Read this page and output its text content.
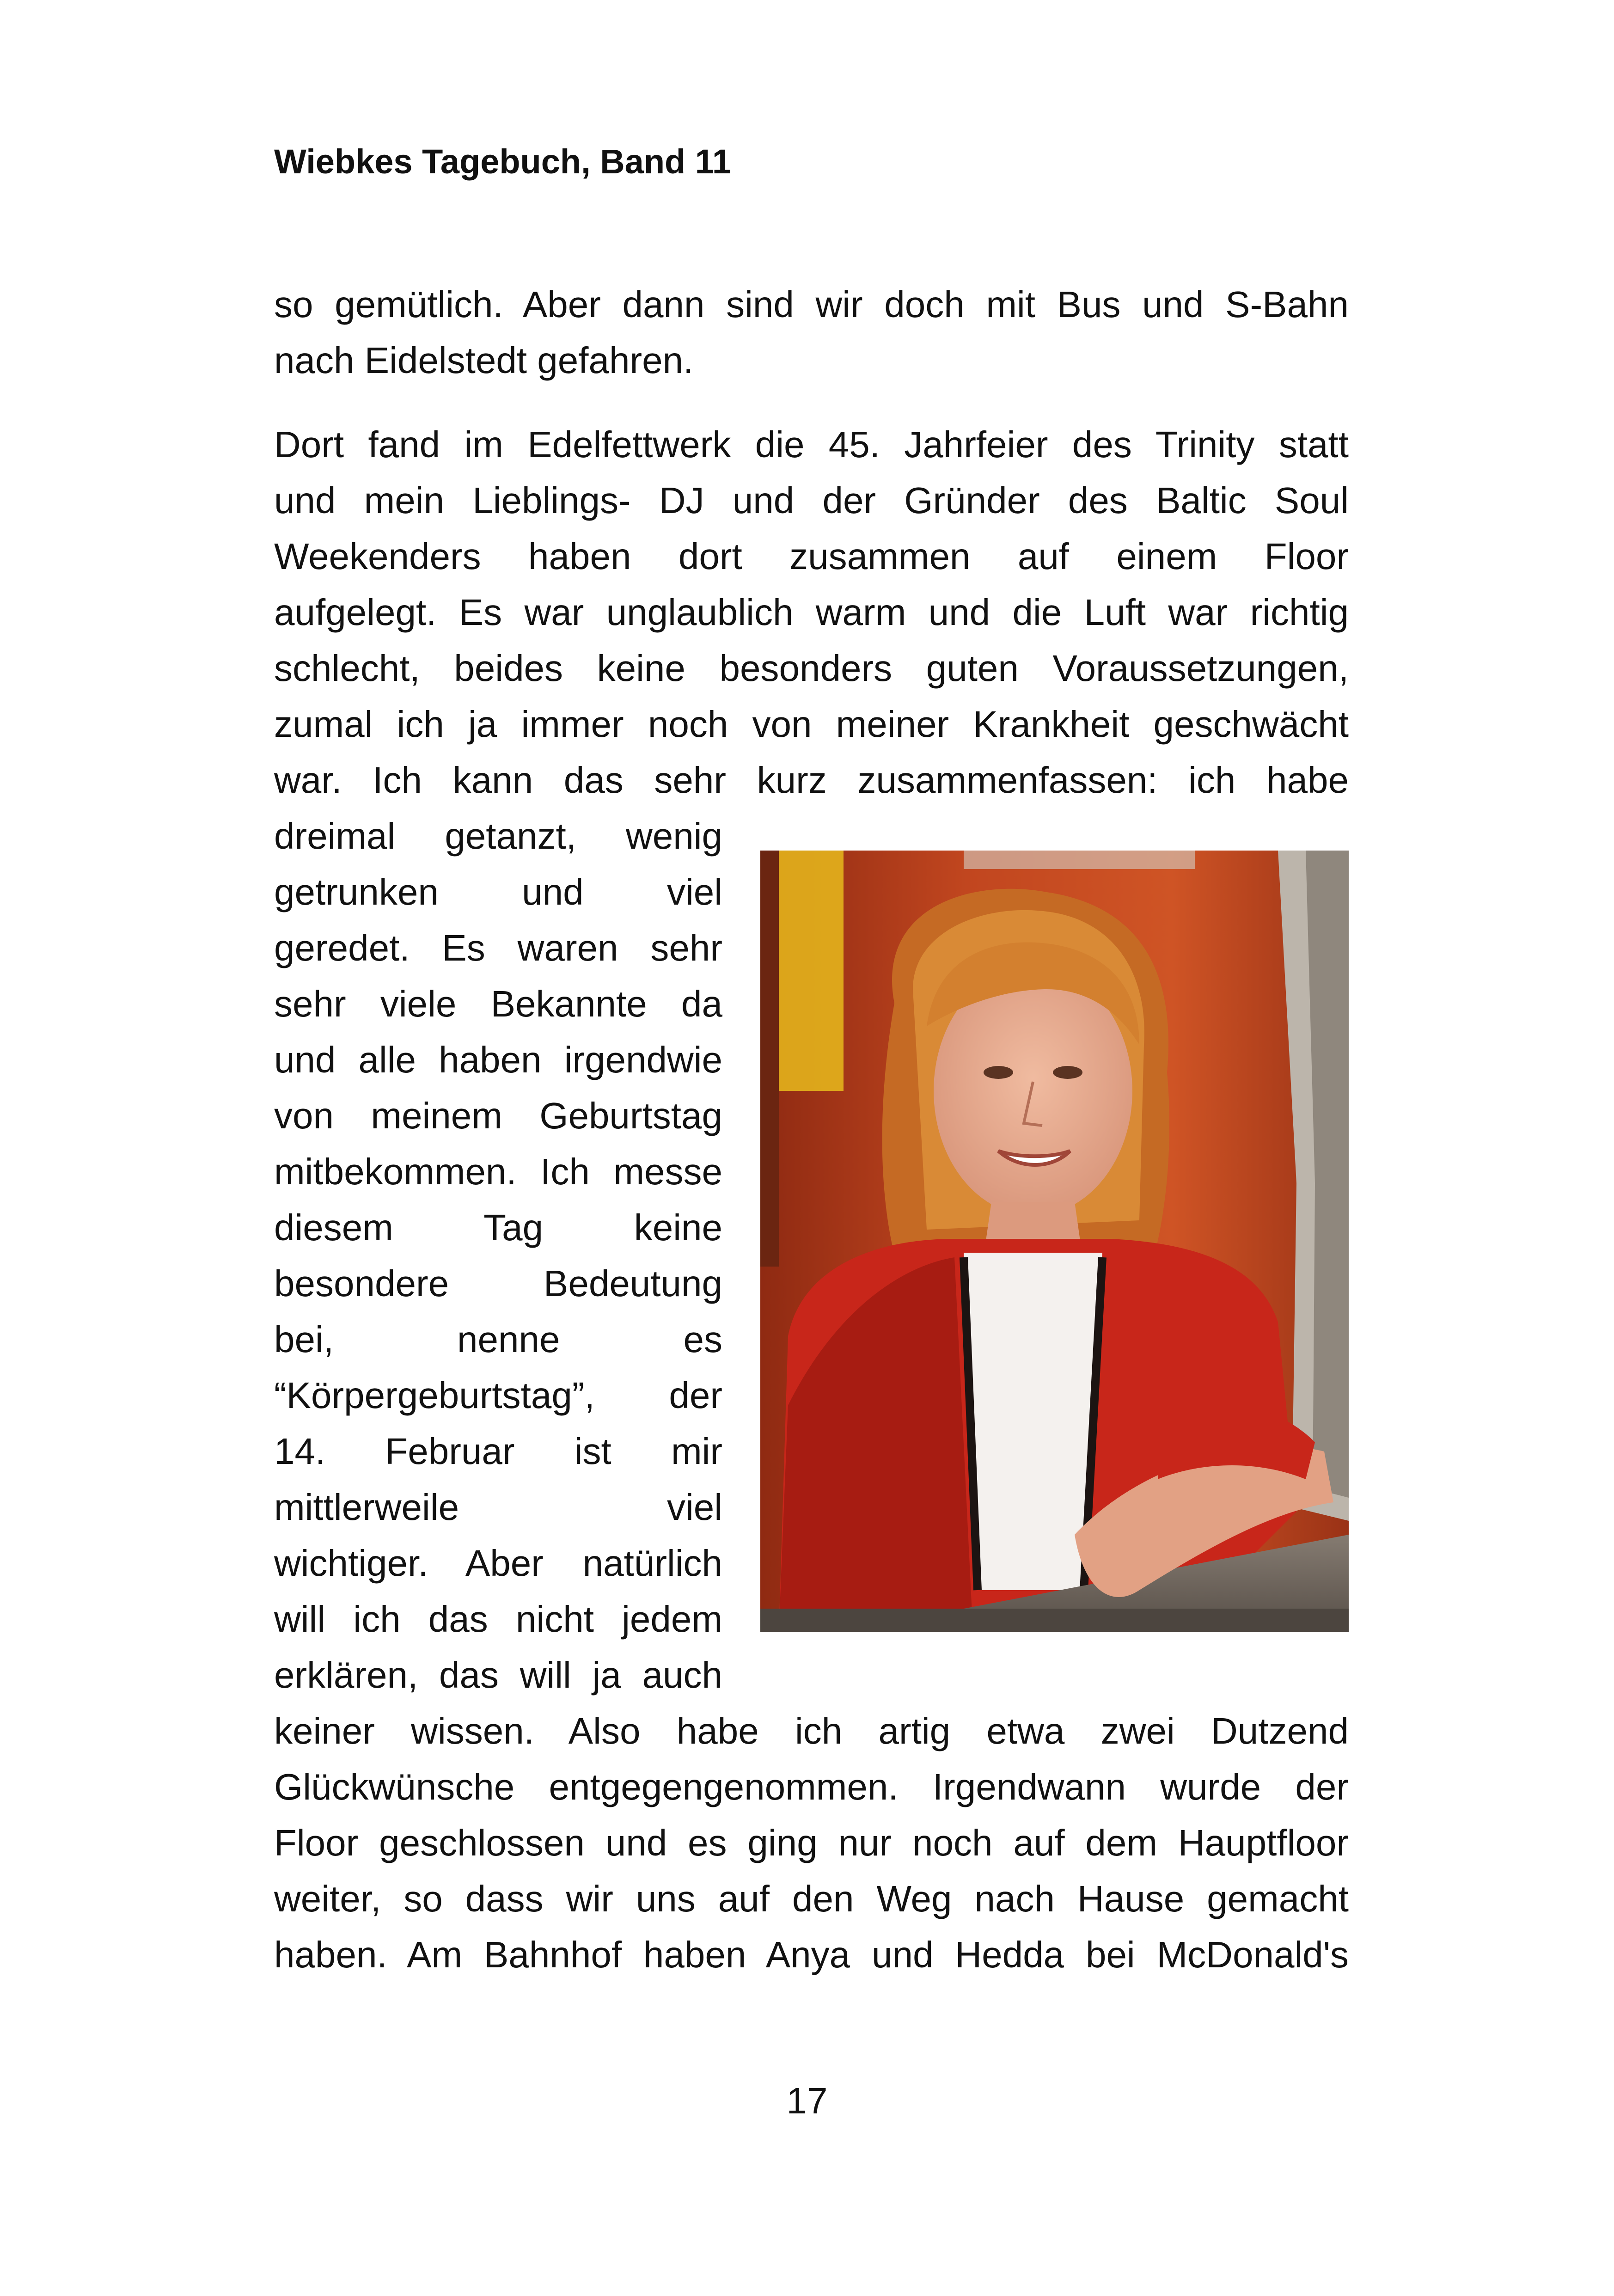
Wiebkes Tagebuch, Band 11
so gemütlich. Aber dann sind wir doch mit Bus und S-Bahn
nach Eidelstedt gefahren.
Dort fand im Edelfettwerk die 45. Jahrfeier des Trinity statt
und mein Lieblings- DJ und der Gründer des Baltic Soul
Weekenders haben dort zusammen auf einem Floor
aufgelegt. Es war unglaublich warm und die Luft war richtig
schlecht, beides keine besonders guten Voraussetzungen,
zumal ich ja immer noch von meiner Krankheit geschwächt
war. Ich kann das sehr kurz zusammenfassen: ich habe
dreimal getanzt, wenig
getrunken und viel
geredet. Es waren sehr
sehr viele Bekannte da
und alle haben irgendwie
von meinem Geburtstag
mitbekommen. Ich messe
diesem Tag keine
besondere Bedeutung
bei, nenne es
“Körpergeburtstag”, der
14. Februar ist mir
mittlerweile viel
wichtiger. Aber natürlich
will ich das nicht jedem
erklären, das will ja auch
keiner wissen. Also habe ich artig etwa zwei Dutzend
Glückwünsche entgegengenommen. Irgendwann wurde der
Floor geschlossen und es ging nur noch auf dem Hauptfloor
weiter, so dass wir uns auf den Weg nach Hause gemacht
haben. Am Bahnhof haben Anya und Hedda bei McDonald's
17
